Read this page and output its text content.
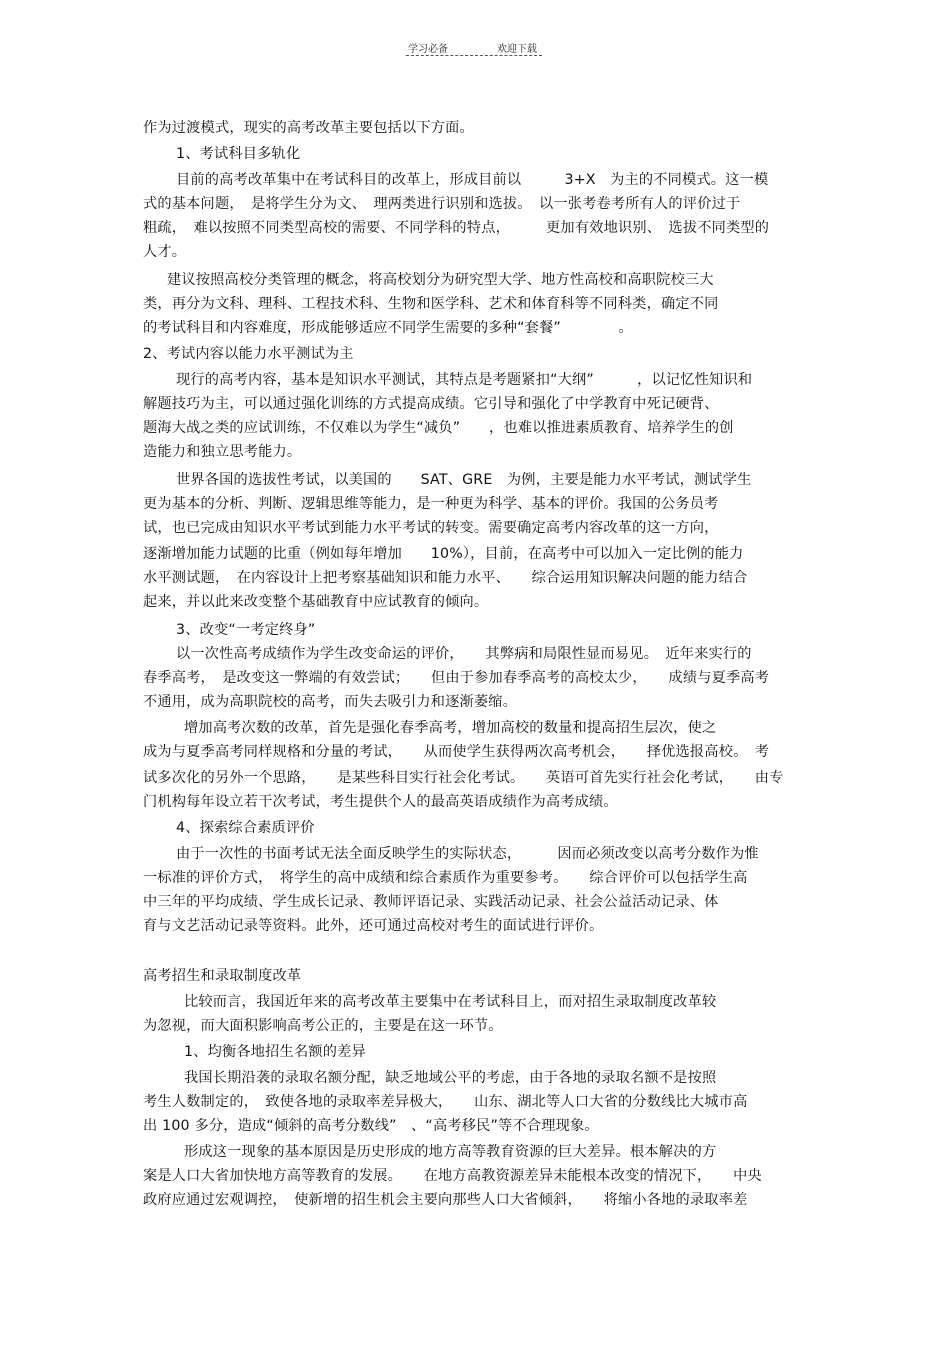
学习必备	欢迎下载
作为过渡模式，现实的高考改革主要包括以下方面。
1、考试科目多轨化
目前的高考改革集中在考试科目的改革上，形成目前以　　　3+X　为主的不同模式。这一模
式的基本问题，　是将学生分为文、　理两类进行识别和选拔。　以一张考卷考所有人的评价过于
粗疏，　难以按照不同类型高校的需要、不同学科的特点，　　　更加有效地识别、　选拔不同类型的
人才。
建议按照高校分类管理的概念，将高校划分为研究型大学、地方性高校和高职院校三大
类，再分为文科、理科、工程技术科、生物和医学科、艺术和体育科等不同科类，确定不同
的考试科目和内容难度，形成能够适应不同学生需要的多种“套餐”　　　　。
2、考试内容以能力水平测试为主
现行的高考内容，基本是知识水平测试，其特点是考题紧扣“大纲”　　　，以记忆性知识和
解题技巧为主，可以通过强化训练的方式提高成绩。它引导和强化了中学教育中死记硬背、
题海大战之类的应试训练，不仅难以为学生“减负”　　，也难以推进素质教育、培养学生的创
造能力和独立思考能力。
世界各国的选拔性考试，以美国的　　SAT、GRE　为例，主要是能力水平考试，测试学生
更为基本的分析、判断、逻辑思维等能力，是一种更为科学、基本的评价。我国的公务员考
试，也已完成由知识水平考试到能力水平考试的转变。需要确定高考内容改革的这一方向，
逐渐增加能力试题的比重（例如每年增加　　10%），目前，在高考中可以加入一定比例的能力
水平测试题，　在内容设计上把考察基础知识和能力水平、　　综合运用知识解决问题的能力结合
起来，并以此来改变整个基础教育中应试教育的倾向。
3、改变“一考定终身”
以一次性高考成绩作为学生改变命运的评价，　　其弊病和局限性显而易见。　近年来实行的
春季高考，　是改变这一弊端的有效尝试；　　但由于参加春季高考的高校太少，　　成绩与夏季高考
不通用，成为高职院校的高考，而失去吸引力和逐渐萎缩。
增加高考次数的改革，首先是强化春季高考，增加高校的数量和提高招生层次，使之
成为与夏季高考同样规格和分量的考试，　　从而使学生获得两次高考机会，　　择优选报高校。　考
试多次化的另外一个思路，　　是某些科目实行社会化考试。　　英语可首先实行社会化考试，　　由专
门机构每年设立若干次考试，考生提供个人的最高英语成绩作为高考成绩。
4、探索综合素质评价
由于一次性的书面考试无法全面反映学生的实际状态，　　　因而必须改变以高考分数作为惟
一标准的评价方式，　将学生的高中成绩和综合素质作为重要参考。　　综合评价可以包括学生高
中三年的平均成绩、学生成长记录、教师评语记录、实践活动记录、社会公益活动记录、体
育与文艺活动记录等资料。此外，还可通过高校对考生的面试进行评价。
高考招生和录取制度改革
比较而言，我国近年来的高考改革主要集中在考试科目上，而对招生录取制度改革较
为忽视，而大面积影响高考公正的，主要是在这一环节。
1、均衡各地招生名额的差异
我国长期沿袭的录取名额分配，缺乏地域公平的考虑，由于各地的录取名额不是按照
考生人数制定的，　致使各地的录取率差异极大，　　山东、湖北等人口大省的分数线比大城市高
出 100 多分，造成“倾斜的高考分数线”　、“高考移民”等不合理现象。
形成这一现象的基本原因是历史形成的地方高等教育资源的巨大差异。根本解决的方
案是人口大省加快地方高等教育的发展。　　在地方高教资源差异未能根本改变的情况下，　　中央
政府应通过宏观调控，　使新增的招生机会主要向那些人口大省倾斜，　　将缩小各地的录取率差
